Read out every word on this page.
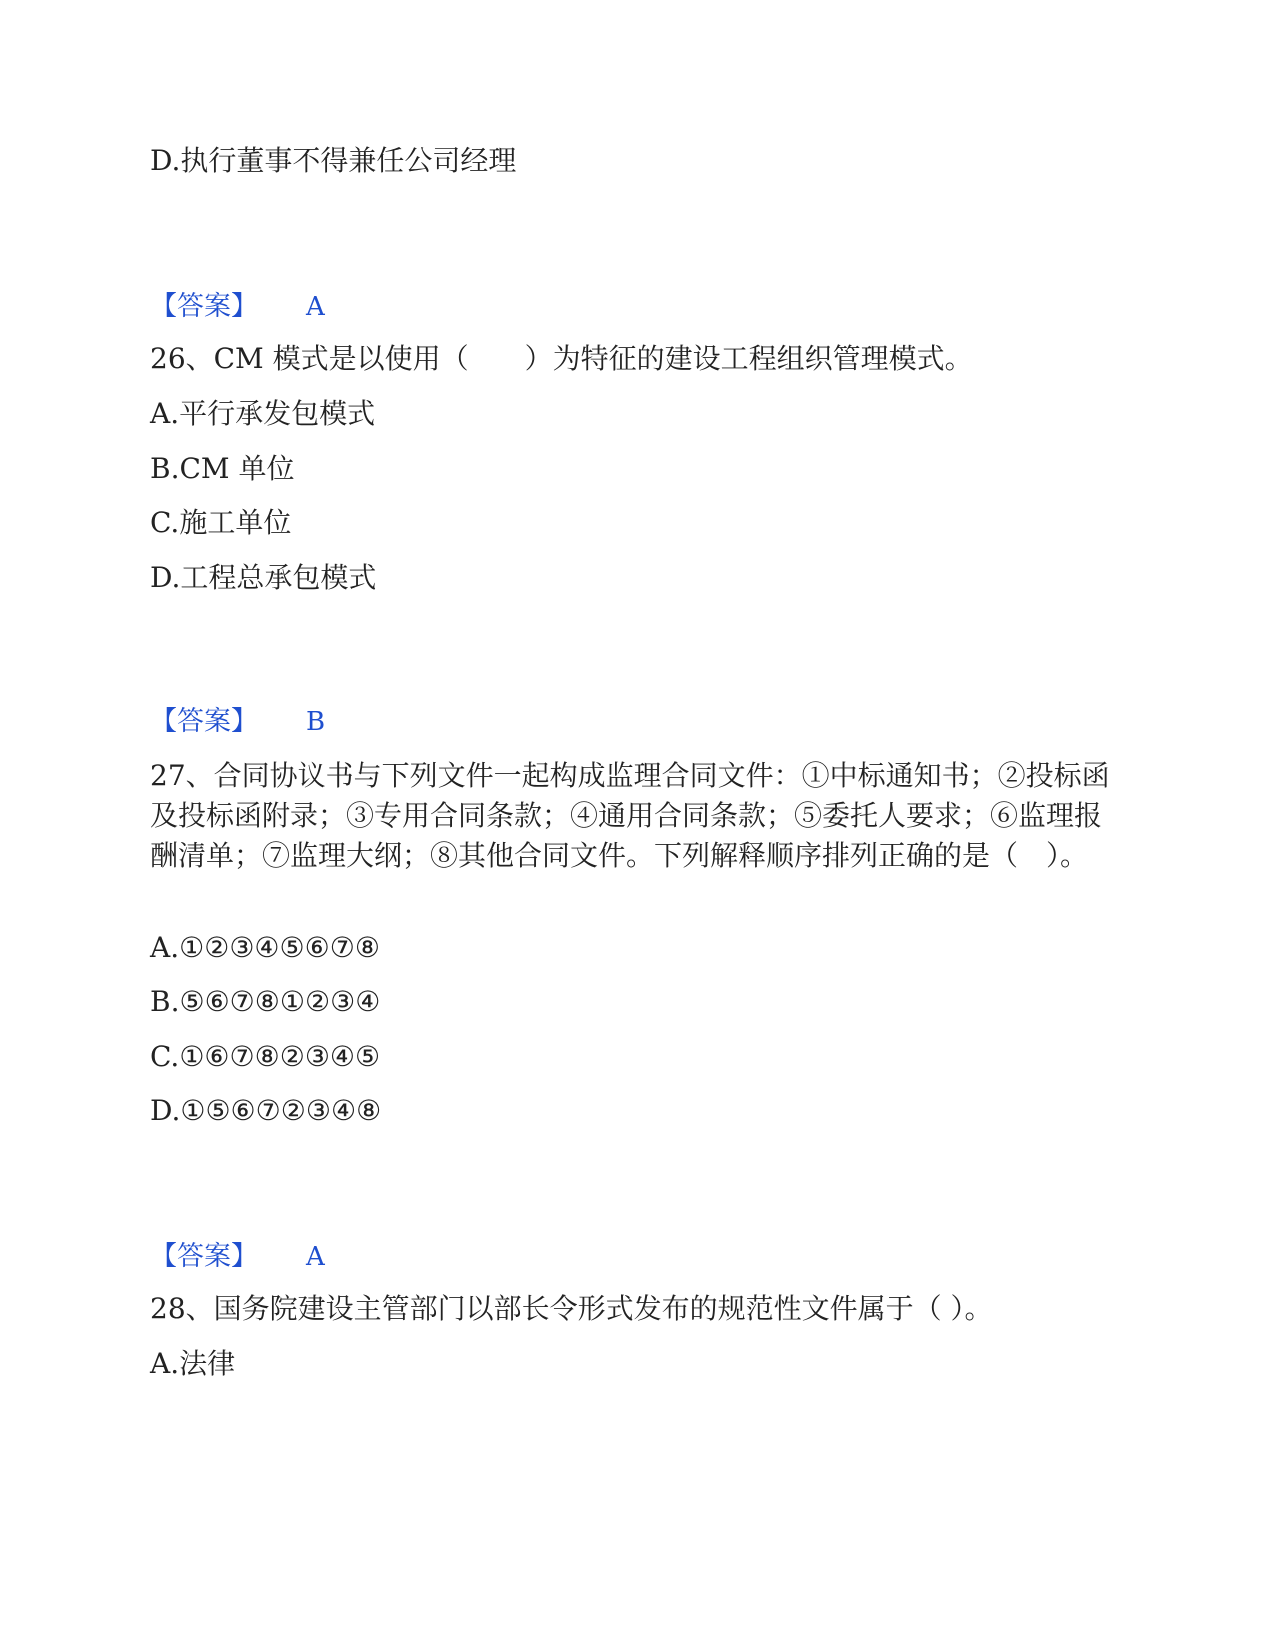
D.执行董事不得兼任公司经理
【答案】 A
26、CM 模式是以使用（　　）为特征的建设工程组织管理模式。
A.平行承发包模式
B.CM 单位
C.施工单位
D.工程总承包模式
【答案】 B
27、合同协议书与下列文件一起构成监理合同文件：①中标通知书；②投标函及投标函附录；③专用合同条款；④通用合同条款；⑤委托人要求；⑥监理报酬清单；⑦监理大纲；⑧其他合同文件。下列解释顺序排列正确的是（　）。
A.①②③④⑤⑥⑦⑧
B.⑤⑥⑦⑧①②③④
C.①⑥⑦⑧②③④⑤
D.①⑤⑥⑦②③④⑧
【答案】 A
28、国务院建设主管部门以部长令形式发布的规范性文件属于（ ）。
A.法律
